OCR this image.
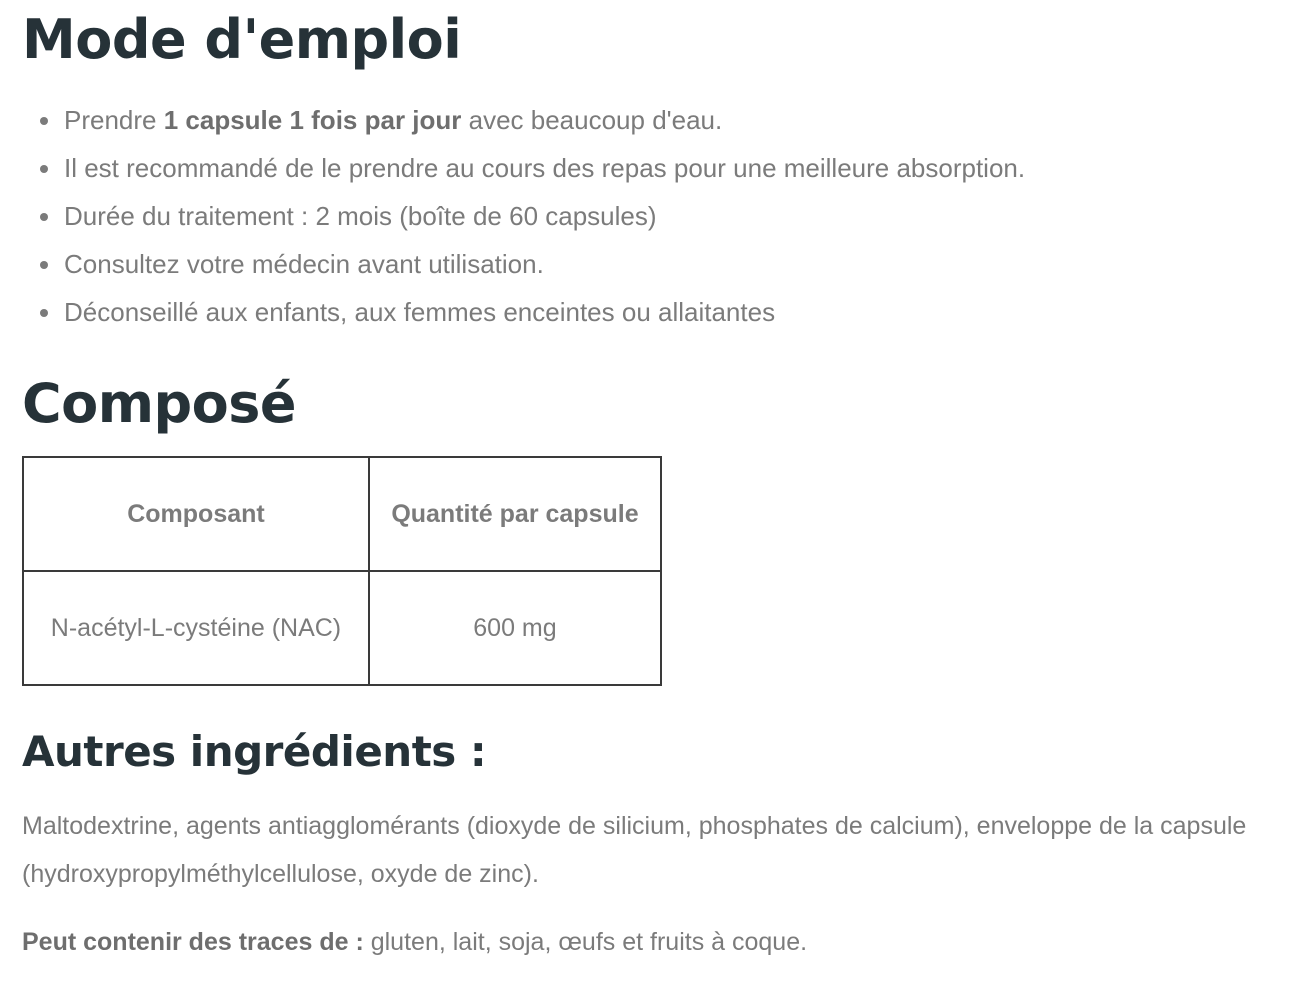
Mode d'emploi
Prendre 1 capsule 1 fois par jour avec beaucoup d'eau.
Il est recommandé de le prendre au cours des repas pour une meilleure absorption.
Durée du traitement : 2 mois (boîte de 60 capsules)
Consultez votre médecin avant utilisation.
Déconseillé aux enfants, aux femmes enceintes ou allaitantes
Composé
Composant	Quantité par capsule
N-acétyl-L-cystéine (NAC)	600 mg
Autres ingrédients :

Maltodextrine, agents antiagglomérants (dioxyde de silicium, phosphates de calcium), enveloppe de la capsule (hydroxypropylméthylcellulose, oxyde de zinc).

Peut contenir des traces de : gluten, lait, soja, œufs et fruits à coque.
